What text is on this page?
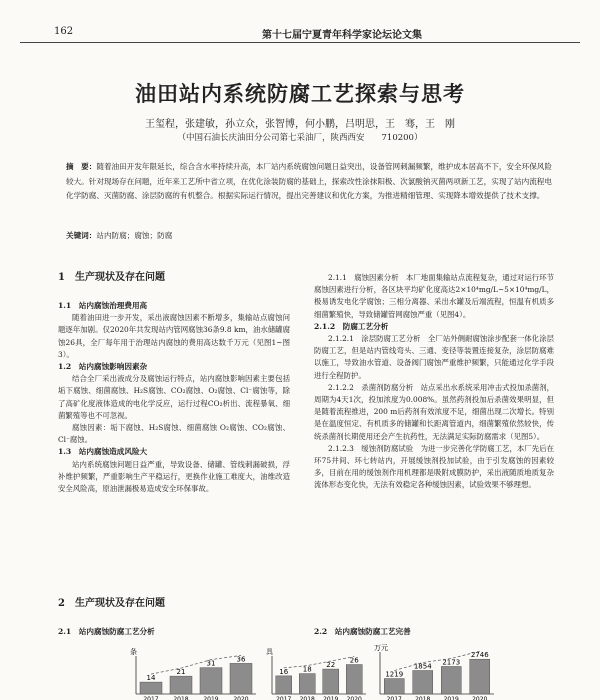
162	第十七届宁夏青年科学家论坛论文集
油田站内系统防腐工艺探索与思考
王玺程，张建敏，孙立众，张智博，何小鹏，吕明思，王　骞，王　刚
（中国石油长庆油田分公司第七采油厂，陕西西安　　710200）
摘　要：随着油田开发年限延长，综合含水率持续升高，本厂站内系统腐蚀问题日益突出，设备管网刺漏频繁，维护成本居高不下，安全环保风险较大。针对现场存在问题，近年来工艺所中省立项，在优化涂装防腐的基础上，探索改性涂抹阳极、次氯酸钠灭菌两项新工艺，实现了站内流程电化学防腐、灭菌防腐、涂层防腐的有机整合。根据实际运行情况，提出完善建议和优化方案，为推进精细管理、实现降本增效提供了技术支撑。
关键词：站内防腐；腐蚀；防腐
1　生产现状及存在问题
1.1　站内腐蚀治理费用高
随着油田进一步开发，采出液腐蚀因素不断增多，集输站点腐蚀问题逐年加剧。仅2020年共发现站内管网腐蚀36条9.8 km，油水储罐腐蚀26具，全厂每年用于治理站内腐蚀的费用高达数千万元（见图1~图3）。
1.2　站内腐蚀影响因素杂
结合全厂采出液成分及腐蚀运行特点，站内腐蚀影响因素主要包括垢下腐蚀、细菌腐蚀、H₂S腐蚀、CO₂腐蚀、O₂腐蚀、Cl⁻腐蚀等，除了高矿化度液体造成的电化学反应，运行过程CO₂析出、流程暴氧、细菌繁殖等也不可忽视。
腐蚀因素：垢下腐蚀、H₂S腐蚀、细菌腐蚀 O₂腐蚀、CO₂腐蚀、Cl⁻腐蚀。
1.3　站内腐蚀造成风险大
站内系统腐蚀问题日益严重，导致设备、储罐、管线刺漏破损，浮补维护频繁，严重影响生产平稳运行，更换作业施工难度大，油维改造安全风险高，原油泄漏极易造成安全环保事故。
2　生产现状及存在问题
2.1　站内腐蚀防腐工艺分析
2.1.1　腐蚀因素分析　本厂地面集输站点流程复杂，通过对运行环节腐蚀因素进行分析，各区块平均矿化度高达2×10⁴mg/L~5×10⁴mg/L，极易诱发电化学腐蚀；三相分离器、采出水罐及后端流程，恒温有机质多细菌繁殖快，导致储罐管网腐蚀严重（见图4）。
2.1.2　防腐工艺分析
2.1.2.1　涂层防腐工艺分析　全厂站外侧耐腐蚀涂步配套一体化涂层防腐工艺，但是站内管线弯头、三通、变径等装置连接复杂，涂层防腐难以施工，导致油水管道、设备阀门腐蚀严重维护频繁，只能通过化学手段进行全程防护。
2.1.2.2　杀菌剂防腐分析　站点采出水系统采用冲击式投加杀菌剂，周期为4天1次，投加浓度为0.008%。虽然药剂投加后杀菌效果明显，但是随着流程推进，200 m后药剂有效浓度不足，细菌出现二次增长。特别是在温度恒定、有机质多的储罐和长距离管道内，细菌繁殖依然较快，传统杀菌剂长期使用还会产生抗药性，无法满足实际防腐需求（见图5）。
2.1.2.3　缓蚀剂防腐试验　为进一步完善化学防腐工艺，本厂先后在环75井间、环七转站内，开展缓蚀剂投加试验，由于引发腐蚀的因素较多，目前在用的缓蚀剂作用机理都是吸附成膜防护，采出液随质地质复杂流体形态变化快，无法有效稳定各种缓蚀因素，试验效果不够理想。
2.2　站内腐蚀防腐工艺完善
条
14
2017
21
2018
31
2019
36
2020
具
16
2017
18
2018
22
2019
26
2020
万元
1219
2017
1854
2018
2173
2019
2746
2020
